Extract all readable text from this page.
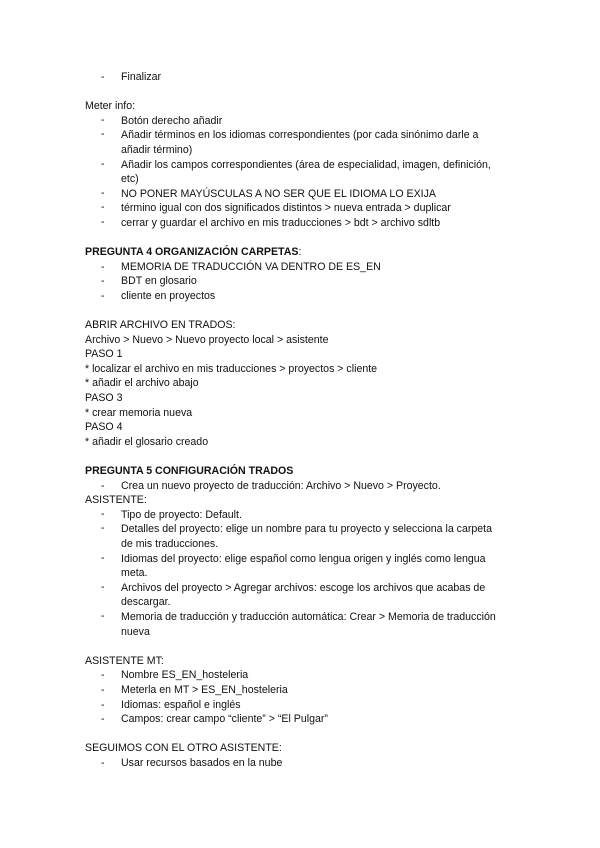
- Finalizar
Meter info:
- Botón derecho añadir
- Añadir términos en los idiomas correspondientes (por cada sinónimo darle a
añadir término)
- Añadir los campos correspondientes (área de especialidad, imagen, definición,
etc)
- NO PONER MAYÚSCULAS A NO SER QUE EL IDIOMA LO EXIJA
- término igual con dos significados distintos > nueva entrada > duplicar
- cerrar y guardar el archivo en mis traducciones > bdt > archivo sdltb
PREGUNTA 4 ORGANIZACIÓN CARPETAS:
- MEMORIA DE TRADUCCIÓN VA DENTRO DE ES_EN
- BDT en glosario
- cliente en proyectos
ABRIR ARCHIVO EN TRADOS:
Archivo > Nuevo > Nuevo proyecto local > asistente
PASO 1
* localizar el archivo en mis traducciones > proyectos > cliente
* añadir el archivo abajo
PASO 3
* crear memoria nueva
PASO 4
* añadir el glosario creado
PREGUNTA 5 CONFIGURACIÓN TRADOS
- Crea un nuevo proyecto de traducción: Archivo > Nuevo > Proyecto.
ASISTENTE:
- Tipo de proyecto: Default.
- Detalles del proyecto: elige un nombre para tu proyecto y selecciona la carpeta
de mis traducciones.
- Idiomas del proyecto: elige español como lengua origen y inglés como lengua
meta.
- Archivos del proyecto > Agregar archivos: escoge los archivos que acabas de
descargar.
- Memoria de traducción y traducción automática: Crear > Memoria de traducción
nueva
ASISTENTE MT:
- Nombre ES_EN_hosteleria
- Meterla en MT > ES_EN_hosteleria
- Idiomas: español e inglés
- Campos: crear campo “cliente” > “El Pulgar”
SEGUIMOS CON EL OTRO ASISTENTE:
- Usar recursos basados en la nube
